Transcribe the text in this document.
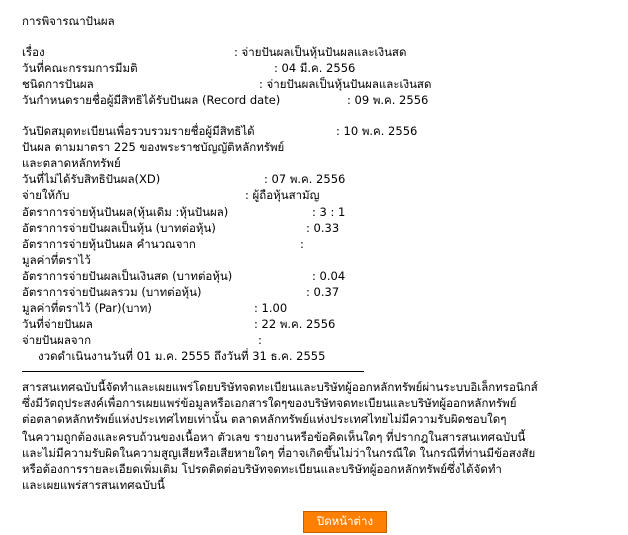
การพิจารณาปันผล
เรื่อง	: จ่ายปันผลเป็นหุ้นปันผลและเงินสด
วันที่คณะกรรมการมีมติ	: 04 มี.ค. 2556
ชนิดการปันผล	: จ่ายปันผลเป็นหุ้นปันผลและเงินสด
วันกำหนดรายชื่อผู้มีสิทธิได้รับปันผล (Record date)	: 09 พ.ค. 2556
วันปิดสมุดทะเบียนเพื่อรวบรวมรายชื่อผู้มีสิทธิได้	: 10 พ.ค. 2556
ปันผล ตามมาตรา 225 ของพระราชบัญญัติหลักทรัพย์
และตลาดหลักทรัพย์
วันที่ไม่ได้รับสิทธิปันผล(XD)	: 07 พ.ค. 2556
จ่ายให้กับ	: ผู้ถือหุ้นสามัญ
อัตราการจ่ายหุ้นปันผล(หุ้นเดิม :หุ้นปันผล)	: 3 : 1
อัตราการจ่ายปันผลเป็นหุ้น (บาทต่อหุ้น)	: 0.33
อัตราการจ่ายหุ้นปันผล คำนวณจาก	:
มูลค่าที่ตราไว้
อัตราการจ่ายปันผลเป็นเงินสด (บาทต่อหุ้น)	: 0.04
อัตราการจ่ายปันผลรวม (บาทต่อหุ้น)	: 0.37
มูลค่าที่ตราไว้ (Par)(บาท)	: 1.00
วันที่จ่ายปันผล	: 22 พ.ค. 2556
จ่ายปันผลจาก	:
งวดดำเนินงานวันที่ 01 ม.ค. 2555 ถึงวันที่ 31 ธ.ค. 2555
สารสนเทศฉบับนี้จัดทำและเผยแพร่โดยบริษัทจดทะเบียนและบริษัทผู้ออกหลักทรัพย์ผ่านระบบอิเล็กทรอนิกส์
ซึ่งมีวัตถุประสงค์เพื่อการเผยแพร่ข้อมูลหรือเอกสารใดๆของบริษัทจดทะเบียนและบริษัทผู้ออกหลักทรัพย์
ต่อตลาดหลักทรัพย์แห่งประเทศไทยเท่านั้น ตลาดหลักทรัพย์แห่งประเทศไทยไม่มีความรับผิดชอบใดๆ
ในความถูกต้องและครบถ้วนของเนื้อหา ตัวเลข รายงานหรือข้อคิดเห็นใดๆ ที่ปรากฎในสารสนเทศฉบับนี้
และไม่มีความรับผิดในความสูญเสียหรือเสียหายใดๆ ที่อาจเกิดขึ้นไม่ว่าในกรณีใด ในกรณีที่ท่านมีข้อสงสัย
หรือต้องการรายละเอียดเพิ่มเติม โปรดติดต่อบริษัทจดทะเบียนและบริษัทผู้ออกหลักทรัพย์ซึ่งได้จัดทำ
และเผยแพร่สารสนเทศฉบับนี้
ปิดหน้าต่าง
